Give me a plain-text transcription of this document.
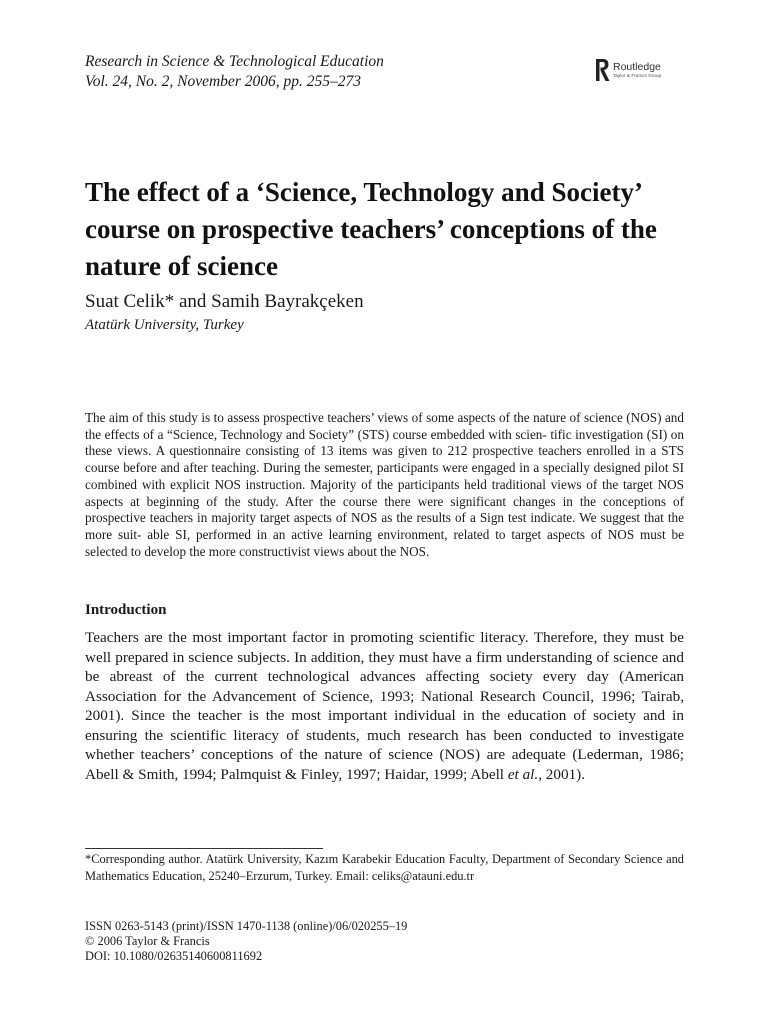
Research in Science & Technological Education
Vol. 24, No. 2, November 2006, pp. 255–273
Routledge
Taylor & Francis Group
The effect of a ‘Science, Technology and Society’ course on prospective teachers’ conceptions of the nature of science
Suat Celik* and Samih Bayrakçeken
Atatürk University, Turkey

The aim of this study is to assess prospective teachers’ views of some aspects of the nature of science (NOS) and the effects of a “Science, Technology and Society” (STS) course embedded with scien- tific investigation (SI) on these views. A questionnaire consisting of 13 items was given to 212 prospective teachers enrolled in a STS course before and after teaching. During the semester, participants were engaged in a specially designed pilot SI combined with explicit NOS instruction. Majority of the participants held traditional views of the target NOS aspects at beginning of the study. After the course there were significant changes in the conceptions of prospective teachers in majority target aspects of NOS as the results of a Sign test indicate. We suggest that the more suit- able SI, performed in an active learning environment, related to target aspects of NOS must be selected to develop the more constructivist views about the NOS.

Introduction

Teachers are the most important factor in promoting scientific literacy. Therefore, they must be well prepared in science subjects. In addition, they must have a firm understanding of science and be abreast of the current technological advances affecting society every day (American Association for the Advancement of Science, 1993; National Research Council, 1996; Tairab, 2001). Since the teacher is the most important individual in the education of society and in ensuring the scientific literacy of students, much research has been conducted to investigate whether teachers’ conceptions of the nature of science (NOS) are adequate (Lederman, 1986; Abell & Smith, 1994; Palmquist & Finley, 1997; Haidar, 1999; Abell et al., 2001).

*Corresponding author. Atatürk University, Kazım Karabekir Education Faculty, Department of Secondary Science and Mathematics Education, 25240–Erzurum, Turkey. Email: celiks@atauni.edu.tr

ISSN 0263-5143 (print)/ISSN 1470-1138 (online)/06/020255–19
© 2006 Taylor & Francis
DOI: 10.1080/02635140600811692
